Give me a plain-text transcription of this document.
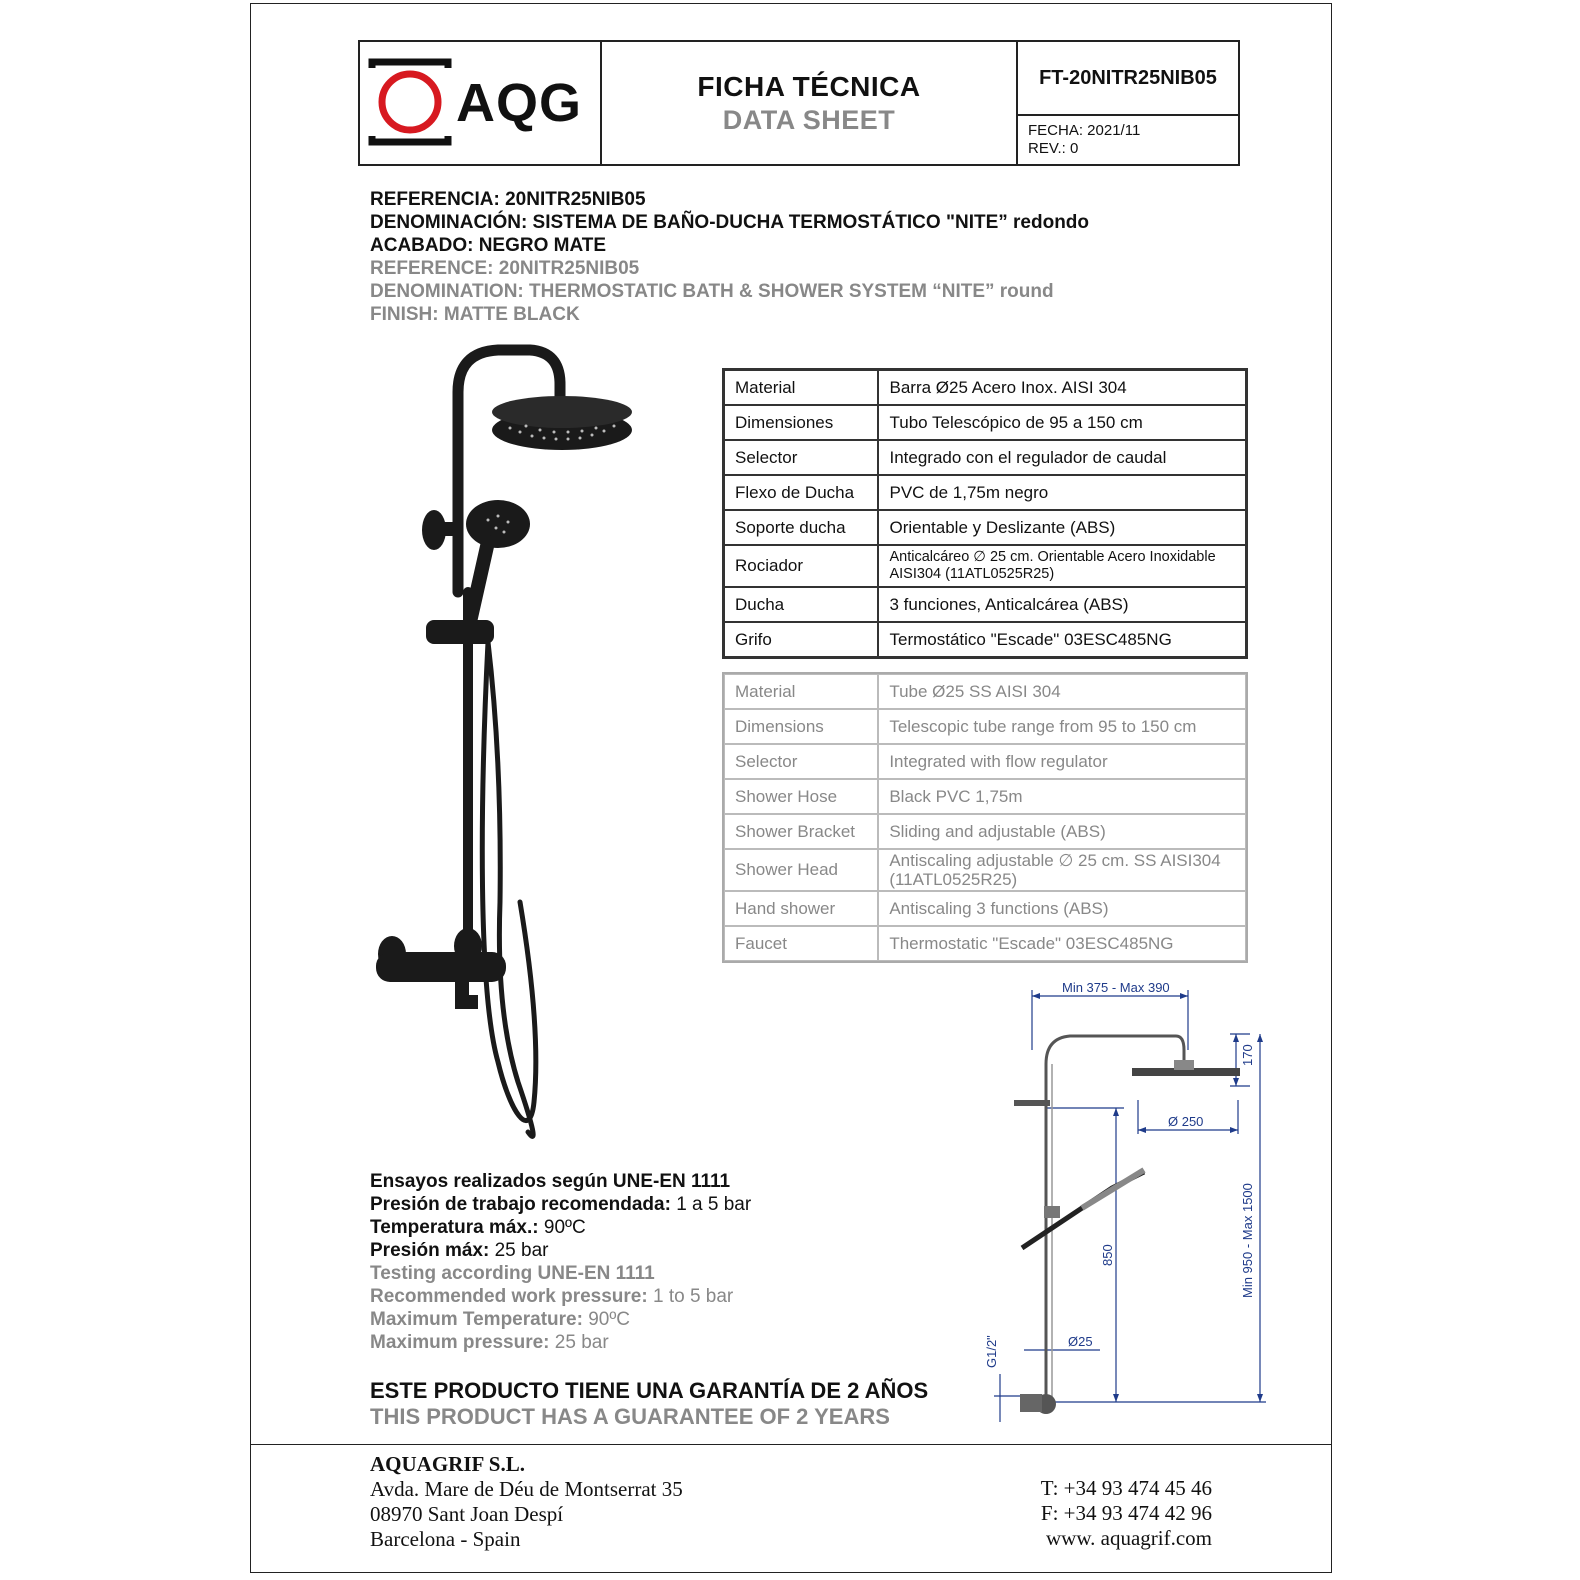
AQG	FICHA TÉCNICA
DATA SHEET
FT-20NITR25NIB05
FECHA: 2021/11
REV.: 0
REFERENCIA: 20NITR25NIB05
DENOMINACIÓN: SISTEMA DE BAÑO-DUCHA TERMOSTÁTICO "NITE” redondo
ACABADO: NEGRO MATE
REFERENCE: 20NITR25NIB05
DENOMINATION: THERMOSTATIC BATH & SHOWER SYSTEM “NITE” round
FINISH: MATTE BLACK
Material	Barra Ø25 Acero Inox. AISI 304
Dimensiones	Tubo Telescópico de 95 a 150 cm
Selector	Integrado con el regulador de caudal
Flexo de Ducha	PVC de 1,75m negro
Soporte ducha	Orientable y Deslizante (ABS)
Rociador	Anticalcáreo ∅ 25 cm. Orientable Acero Inoxidable AISI304 (11ATL0525R25)
Ducha	3 funciones, Anticalcárea (ABS)
Grifo	Termostático "Escade" 03ESC485NG
Material	Tube Ø25 SS AISI 304
Dimensions	Telescopic tube range from 95 to 150 cm
Selector	Integrated with flow regulator
Shower Hose	Black PVC 1,75m
Shower Bracket	Sliding and adjustable (ABS)
Shower Head	Antiscaling adjustable ∅ 25 cm. SS AISI304 (11ATL0525R25)
Hand shower	Antiscaling 3 functions (ABS)
Faucet	Thermostatic "Escade" 03ESC485NG
Min 375 - Max 390
170
Ø 250
850	Min 950 - Max 1500
Ø25
G1/2"
Ensayos realizados según UNE-EN 1111
Presión de trabajo recomendada: 1 a 5 bar
Temperatura máx.: 90ºC
Presión máx: 25 bar
Testing according UNE-EN 1111
Recommended work pressure: 1 to 5 bar
Maximum Temperature: 90ºC
Maximum pressure: 25 bar
ESTE PRODUCTO TIENE UNA GARANTÍA DE 2 AÑOS
THIS PRODUCT HAS A GUARANTEE OF 2 YEARS
AQUAGRIF S.L.
Avda. Mare de Déu de Montserrat 35
08970 Sant Joan Despí
Barcelona - Spain
T: +34 93 474 45 46
F: +34 93 474 42 96
www. aquagrif.com
